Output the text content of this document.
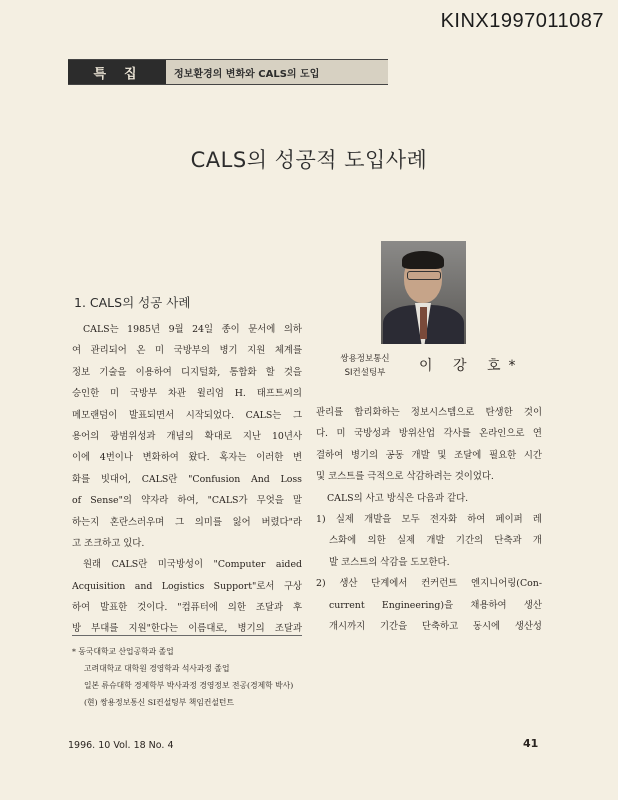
KINX1997011087
특집	정보환경의 변화와 CALS의 도입
CALS의 성공적 도입사례
1. CALS의 성공 사례
쌍용정보통신
SI컨설팅부	이 강 호*
CALS는 1985년 9월 24일 종이 문서에 의하
여 관리되어 온 미 국방부의 병기 지원 체계를
정보 기술을 이용하여 디지털화, 통합화 할 것을
승인한 미 국방부 차관 윌리엄 H. 태프트씨의
메모랜덤이 발표되면서 시작되었다. CALS는 그
용어의 광범위성과 개념의 확대로 지난 10년사
이에 4번이나 변화하여 왔다. 혹자는 이러한 변
화를 빗대어, CALS란 "Confusion And Loss
of Sense"의 약자라 하여, "CALS가 무엇을 말
하는지 혼란스러우며 그 의미를 잃어 버렸다"라
고 조크하고 있다.
원래 CALS란 미국방성이 "Computer aided
Acquisition and Logistics Support"로서 구상
하여 발표한 것이다. "컴퓨터에 의한 조달과 후
방 부대를 지원"한다는 이름대로, 병기의 조달과
관리를 합리화하는 정보시스템으로 탄생한 것이
다. 미 국방성과 방위산업 각사를 온라인으로 연
결하여 병기의 공동 개발 및 조달에 필요한 시간
및 코스트를 극적으로 삭감하려는 것이었다.
CALS의 사고 방식은 다음과 같다.
1) 실제 개발을 모두 전자화 하여 페이퍼 레
스화에 의한 실제 개발 기간의 단축과 개
발 코스트의 삭감을 도모한다.
2) 생산 단계에서 컨커런트 엔지니어링(Con-
current Engineering)을 채용하여 생산
개시까지 기간을 단축하고 동시에 생산성
* 동국대학교 산업공학과 졸업
고려대학교 대학원 경영학과 석사과정 졸업
일본 류슈대학 경제학부 박사과정 경영정보 전공(경제학 박사)
(현) 쌍용정보통신 SI컨설팅부 책임컨설턴트
1996. 10 Vol. 18 No. 4	41
